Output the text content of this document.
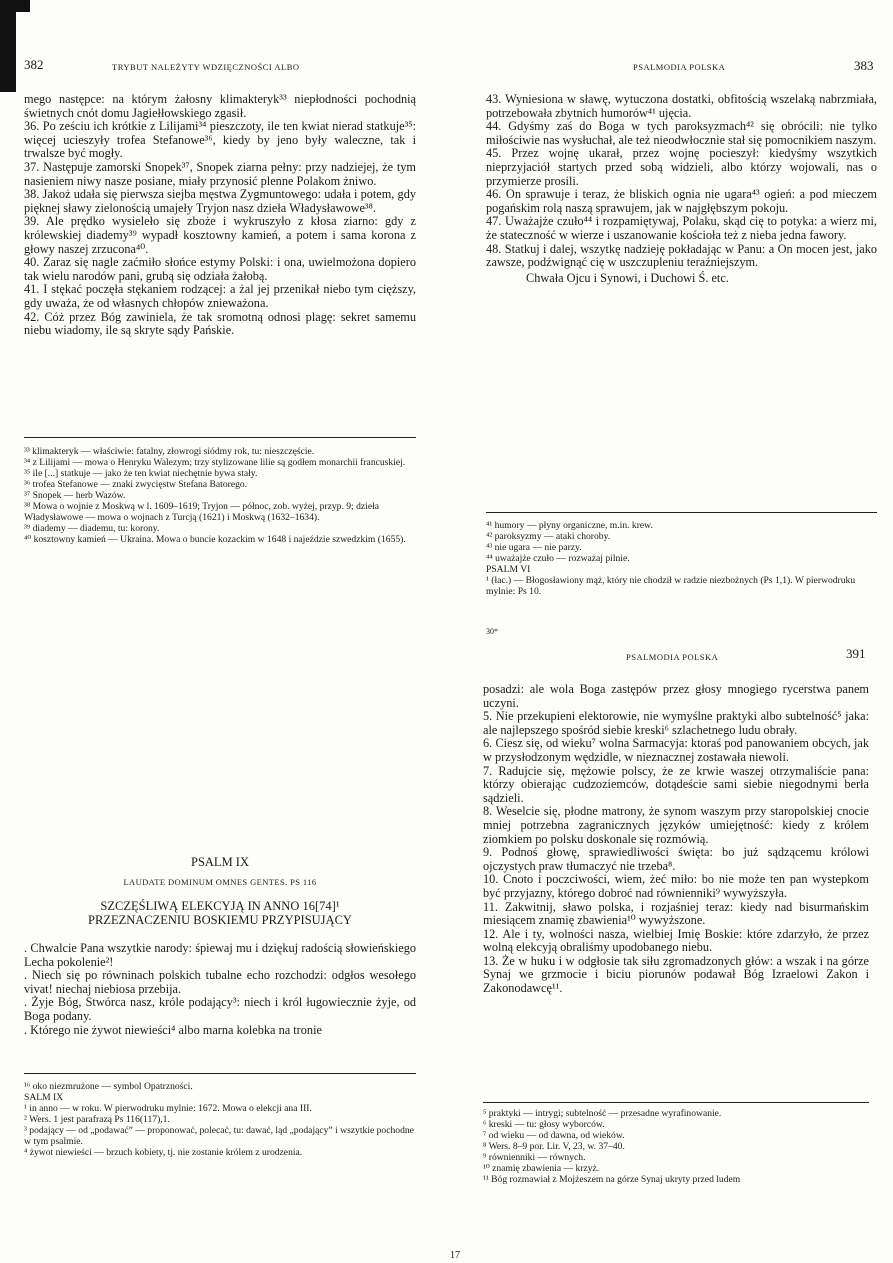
382	TRYBUT NALEŻYTY WDZIĘCZNOŚCI ALBO

mego następce: na którym żałosny klimakteryk³³ niepłodności pochodnią świetnych cnót domu Jagiełłowskiego zgasił.

36. Po ześciu ich krótkie z Lilijami³⁴ pieszczoty, ile ten kwiat nierad statkuje³⁵: więcej ucieszyły trofea Stefanowe³⁶, kiedy by jeno były waleczne, tak i trwalsze być mogły.

37. Następuje zamorski Snopek³⁷, Snopek ziarna pełny: przy nadziejej, że tym nasieniem niwy nasze posiane, miały przynosić plenne Polakom żniwo.

38. Jakoż udała się pierwsza siejba męstwa Zygmuntowego: udała i potem, gdy pięknej sławy zielonością umajeły Tryjon nasz dzieła Władysławowe³⁸.

39. Ale prędko wysieleło się zboże i wykruszyło z kłosa ziarno: gdy z królewskiej diademy³⁹ wypadł kosztowny kamień, a potem i sama korona z głowy naszej zrzucona⁴⁰.

40. Zaraz się nagle zaćmiło słońce estymy Polski: i ona, uwielmożona dopiero tak wielu narodów pani, grubą się odziała żałobą.

41. I stękać poczęła stękaniem rodzącej: a żal jej przenikał niebo tym cięższy, gdy uważa, że od własnych chłopów znieważona.

42. Cóż przez Bóg zawiniela, że tak sromotną odnosi plagę: sekret samemu niebu wiadomy, ile są skryte sądy Pańskie.

³³ klimakteryk — właściwie: fatalny, złowrogi siódmy rok, tu: nieszczęście.

³⁴ z Lilijami — mowa o Henryku Walezym; trzy stylizowane lilie są godłem monarchii francuskiej.

³⁵ ile [...] statkuje — jako że ten kwiat niechętnie bywa stały.

³⁶ trofea Stefanowe — znaki zwycięstw Stefana Batorego.

³⁷ Snopek — herb Wazów.

³⁸ Mowa o wojnie z Moskwą w l. 1609–1619; Tryjon — północ, zob. wyżej, przyp. 9; dzieła Władysławowe — mowa o wojnach z Turcją (1621) i Moskwą (1632–1634).

³⁹ diademy — diademu, tu: korony.

⁴⁰ kosztowny kamień — Ukraina. Mowa o buncie kozackim w 1648 i najeździe szwedzkim (1655).

PSALMODIA POLSKA	383

43. Wyniesiona w sławę, wytuczona dostatki, obfitością wszelaką nabrzmiała, potrzebowała zbytnich humorów⁴¹ ujęcia.

44. Gdyśmy zaś do Boga w tych paroksyzmach⁴² się obrócili: nie tylko miłościwie nas wysłuchał, ale też nieodwłocznie stał się pomocnikiem naszym.

45. Przez wojnę ukarał, przez wojnę pocieszył: kiedyśmy wszytkich nieprzyjaciół startych przed sobą widzieli, albo którzy wojowali, nas o przymierze prosili.

46. On sprawuje i teraz, że bliskich ognia nie ugara⁴³ ogień: a pod mieczem pogańskim rolą naszą sprawujem, jak w najgłębszym pokoju.

47. Uważajże czuło⁴⁴ i rozpamiętywaj, Polaku, skąd cię to potyka: a wierz mi, że stateczność w wierze i uszanowanie kościoła też z nieba jedna fawory.

48. Statkuj i dalej, wszytkę nadzieję pokładając w Panu: a On mocen jest, jako zawsze, podźwignąć cię w uszczupleniu teraźniejszym.

Chwała Ojcu i Synowi, i Duchowi Ś. etc.

⁴¹ humory — płyny organiczne, m.in. krew.

⁴² paroksyzmy — ataki choroby.

⁴³ nie ugara — nie parzy.

⁴⁴ uważajże czuło — rozważaj pilnie.

PSALM VI

¹ (łac.) — Błogosławiony mąż, który nie chodził w radzie niezbożnych (Ps 1,1). W pierwodruku mylnie: Ps 10.

30*
PSALM IX
LAUDATE DOMINUM OMNES GENTES. PS 116
SZCZĘŚLIWĄ ELEKCYJĄ IN ANNO 16[74]¹
PRZEZNACZENIU BOSKIEMU PRZYPISUJĄCY

. Chwalcie Pana wszytkie narody: śpiewaj mu i dziękuj radością słowieńskiego Lecha pokolenie²!

. Niech się po równinach polskich tubalne echo rozchodzi: odgłos wesołego vivat! niechaj niebiosa przebija.

. Żyje Bóg, Stwórca nasz, królе podający³: niech i król ługowiecznie żyje, od Boga podany.

. Którego nie żywot niewieści⁴ albo marna kolebka na tronie

¹⁶ oko niezmrużone — symbol Opatrzności.

SALM IX

¹ in anno — w roku. W pierwodruku mylnie: 1672. Mowa o elekcji ana III.

² Wers. 1 jest parafrazą Ps 116(117),1.

³ podający — od „podawać” — proponować, polecać, tu: dawać, ląd „podający” i wszytkie pochodne w tym psalmie.

⁴ żywot niewieści — brzuch kobiety, tj. nie zostanie królem z urodzenia.

PSALMODIA POLSKA	391

posadzi: ale wola Boga zastępów przez głosy mnogiego rycerstwa panem uczyni.

5. Nie przekupieni elektorowie, nie wymyślne praktyki albo subtelność⁵ jaka: ale najlepszego spośród siebie kreski⁶ szlachetnego ludu obrały.

6. Ciesz się, od wieku⁷ wolna Sarmacyja: ktoraś pod panowaniem obcych, jak w przysłodzonym wędzidle, w nieznacznej zostawała niewoli.

7. Radujcie się, mężowie polscy, że ze krwie waszej otrzymaliście pana: którzy obierając cudzoziemców, dotądeście sami siebie niegodnymi berła sądzieli.

8. Weselcie się, płodne matrony, że synom waszym przy staropolskiej cnocie mniej potrzebna zagranicznych języków umiejętność: kiedy z królem ziomkiem po polsku doskonale się rozmówią.

9. Podnoś głowę, sprawiedliwości święta: bo już sądzącemu królowi ojczystych praw tłumaczyć nie trzeba⁸.

10. Cnoto i poczciwości, wiem, żeć miło: bo nie może ten pan wystepkom być przyjazny, którego dobroć nad równienniki⁹ wywyższyła.

11. Zakwitnij, sławo polska, i rozjaśniej teraz: kiedy nad bisurmańskim miesiącem znamię zbawienia¹⁰ wywyższone.

12. Ale i ty, wolności nasza, wielbiej Imię Boskie: które zdarzyło, że przez wolną elekcyją obraliśmy upodobanego niebu.

13. Że w huku i w odgłosie tak siłu zgromadzonych głów: a wszak i na górze Synaj we grzmocie i biciu piorunów podawał Bóg Izraelowi Zakon i Zakonodawcę¹¹.

⁵ praktyki — intrygi; subtelność — przesadne wyrafinowanie.

⁶ kreski — tu: głosy wyborców.

⁷ od wieku — od dawna, od wieków.

⁸ Wers. 8–9 por. Lir. V, 23, w. 37–40.

⁹ równienniki — równych.

¹⁰ znamię zbawienia — krzyż.

¹¹ Bóg rozmawiał z Mojżeszem na górze Synaj ukryty przed ludem

17
